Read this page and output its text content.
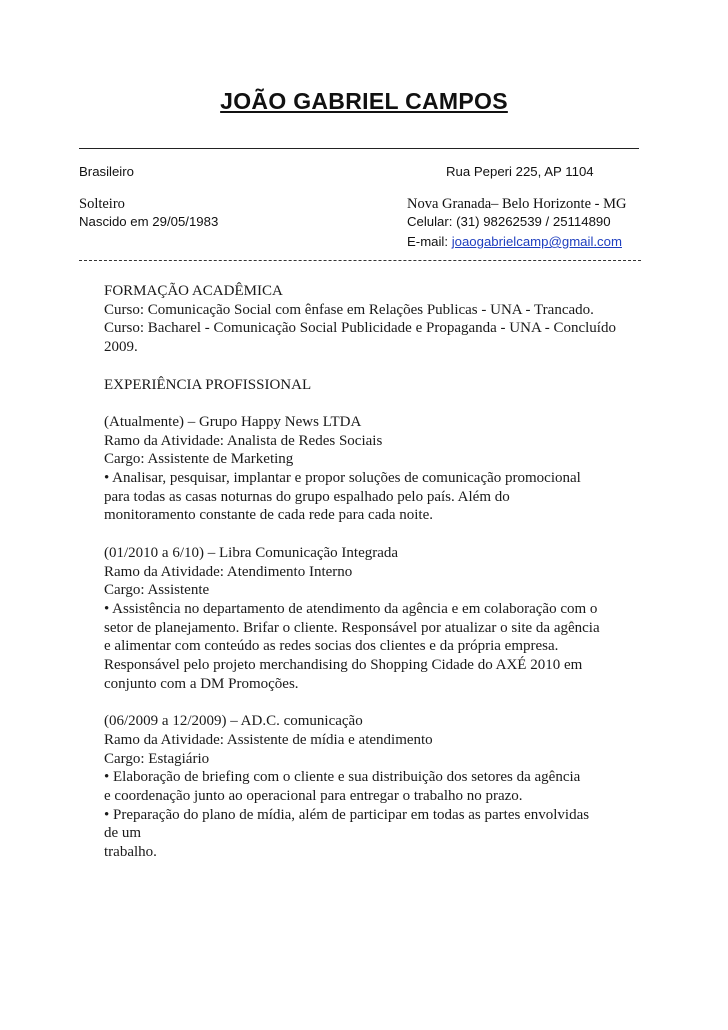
JOÃO GABRIEL CAMPOS
Brasileiro	Rua Peperi 225, AP 1104
Solteiro	Nova Granada– Belo Horizonte - MG
Nascido em 29/05/1983	Celular: (31) 98262539 / 25114890
E-mail: joaogabrielcamp@gmail.com

FORMAÇÃO ACADÊMICA

Curso: Comunicação Social com ênfase em Relações Publicas - UNA - Trancado.

Curso: Bacharel - Comunicação Social Publicidade e Propaganda - UNA - Concluído

2009.

EXPERIÊNCIA PROFISSIONAL

(Atualmente) – Grupo Happy News LTDA

Ramo da Atividade: Analista de Redes Sociais

Cargo: Assistente de Marketing

• Analisar, pesquisar, implantar e propor soluções de comunicação promocional

para todas as casas noturnas do grupo espalhado pelo país. Além do

monitoramento constante de cada rede para cada noite.

(01/2010 a 6/10) – Libra Comunicação Integrada

Ramo da Atividade: Atendimento Interno

Cargo: Assistente

• Assistência no departamento de atendimento da agência e em colaboração com o

setor de planejamento. Brifar o cliente. Responsável por atualizar o site da agência

e alimentar com conteúdo as redes socias dos clientes e da própria empresa.

Responsável pelo projeto merchandising do Shopping Cidade do AXÉ 2010 em

conjunto com a DM Promoções.

(06/2009 a 12/2009) – AD.C. comunicação

Ramo da Atividade: Assistente de mídia e atendimento

Cargo: Estagiário

• Elaboração de briefing com o cliente e sua distribuição dos setores da agência

e coordenação junto ao operacional para entregar o trabalho no prazo.

• Preparação do plano de mídia, além de participar em todas as partes envolvidas

de um

trabalho.
